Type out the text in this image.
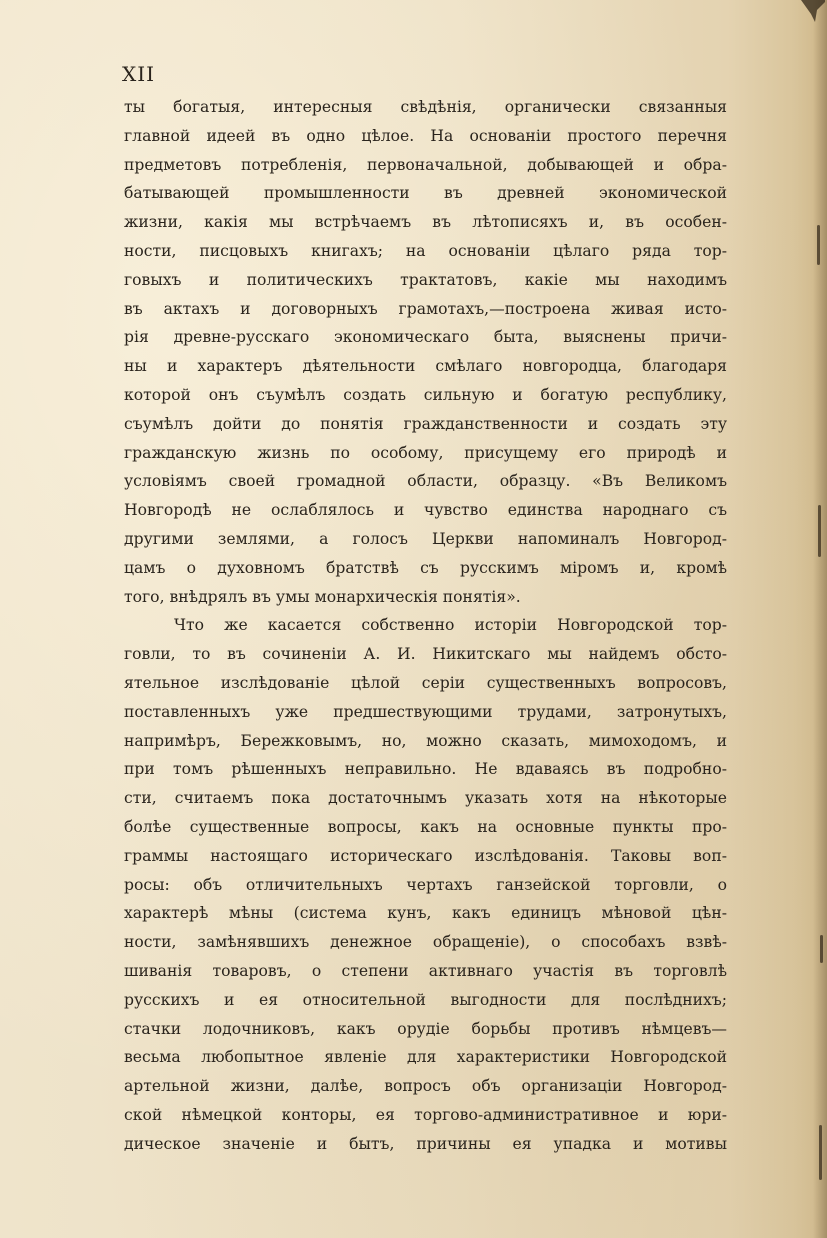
XII
ты богатыя, интересныя свѣдѣнія, органически связанныя
главной идеей въ одно цѣлое. На основаніи простого перечня
предметовъ потребленія, первоначальной, добывающей и обра-
батывающей промышленности въ древней экономической
жизни, какія мы встрѣчаемъ въ лѣтописяхъ и, въ особен-
ности, писцовыхъ книгахъ; на основаніи цѣлаго ряда тор-
говыхъ и политическихъ трактатовъ, какіе мы находимъ
въ актахъ и договорныхъ грамотахъ,—построена живая исто-
рія древне-русскаго экономическаго быта, выяснены причи-
ны и характеръ дѣятельности смѣлаго новгородца, благодаря
которой онъ съумѣлъ создать сильную и богатую республику,
съумѣлъ дойти до понятія гражданственности и создать эту
гражданскую жизнь по особому, присущему его природѣ и
условіямъ своей громадной области, образцу. «Въ Великомъ
Новгородѣ не ослаблялось и чувство единства народнаго съ
другими землями, а голосъ Церкви напоминалъ Новгород-
цамъ о духовномъ братствѣ съ русскимъ міромъ и, кромѣ
того, внѣдрялъ въ умы монархическія понятія».
Что же касается собственно исторіи Новгородской тор-
говли, то въ сочиненіи А. И. Никитскаго мы найдемъ обсто-
ятельное изслѣдованіе цѣлой серіи существенныхъ вопросовъ,
поставленныхъ уже предшествующими трудами, затронутыхъ,
напримѣръ, Бережковымъ, но, можно сказать, мимоходомъ, и
при томъ рѣшенныхъ неправильно. Не вдаваясь въ подробно-
сти, считаемъ пока достаточнымъ указать хотя на нѣкоторые
болѣе существенные вопросы, какъ на основные пункты про-
граммы настоящаго историческаго изслѣдованія. Таковы воп-
росы: объ отличительныхъ чертахъ ганзейской торговли, о
характерѣ мѣны (система кунъ, какъ единицъ мѣновой цѣн-
ности, замѣнявшихъ денежное обращеніе), о способахъ взвѣ-
шиванія товаровъ, о степени активнаго участія въ торговлѣ
русскихъ и ея относительной выгодности для послѣднихъ;
стачки лодочниковъ, какъ орудіе борьбы противъ нѣмцевъ—
весьма любопытное явленіе для характеристики Новгородской
артельной жизни, далѣе, вопросъ объ организаціи Новгород-
ской нѣмецкой конторы, ея торгово-административное и юри-
дическое значеніе и бытъ, причины ея упадка и мотивы
